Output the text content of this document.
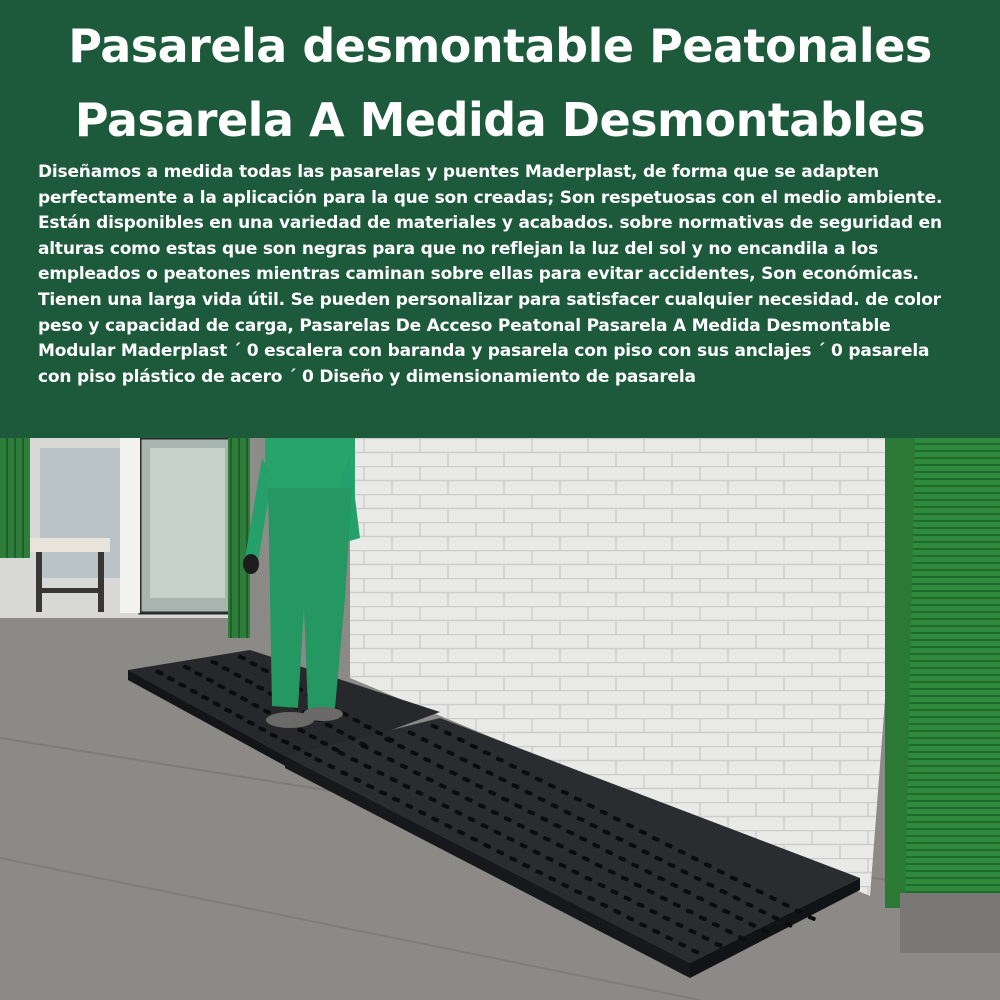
Pasarela desmontable Peatonales
Pasarela A Medida Desmontables
Diseñamos a medida todas las pasarelas y puentes Maderplast, de forma que se adapten perfectamente a la aplicación para la que son creadas; Son respetuosas con el medio ambiente. Están disponibles en una variedad de materiales y acabados. sobre normativas de seguridad en alturas como estas que son negras para que no reflejan la luz del sol y no encandila a los empleados o peatones mientras caminan sobre ellas para evitar accidentes, Son económicas. Tienen una larga vida útil. Se pueden personalizar para satisfacer cualquier necesidad. de color peso y capacidad de carga, Pasarelas De Acceso Peatonal Pasarela A Medida Desmontable Modular Maderplast ´ 0 escalera con baranda y pasarela con piso con sus anclajes ´ 0 pasarela con piso plástico de acero ´ 0 Diseño y dimensionamiento de pasarela
